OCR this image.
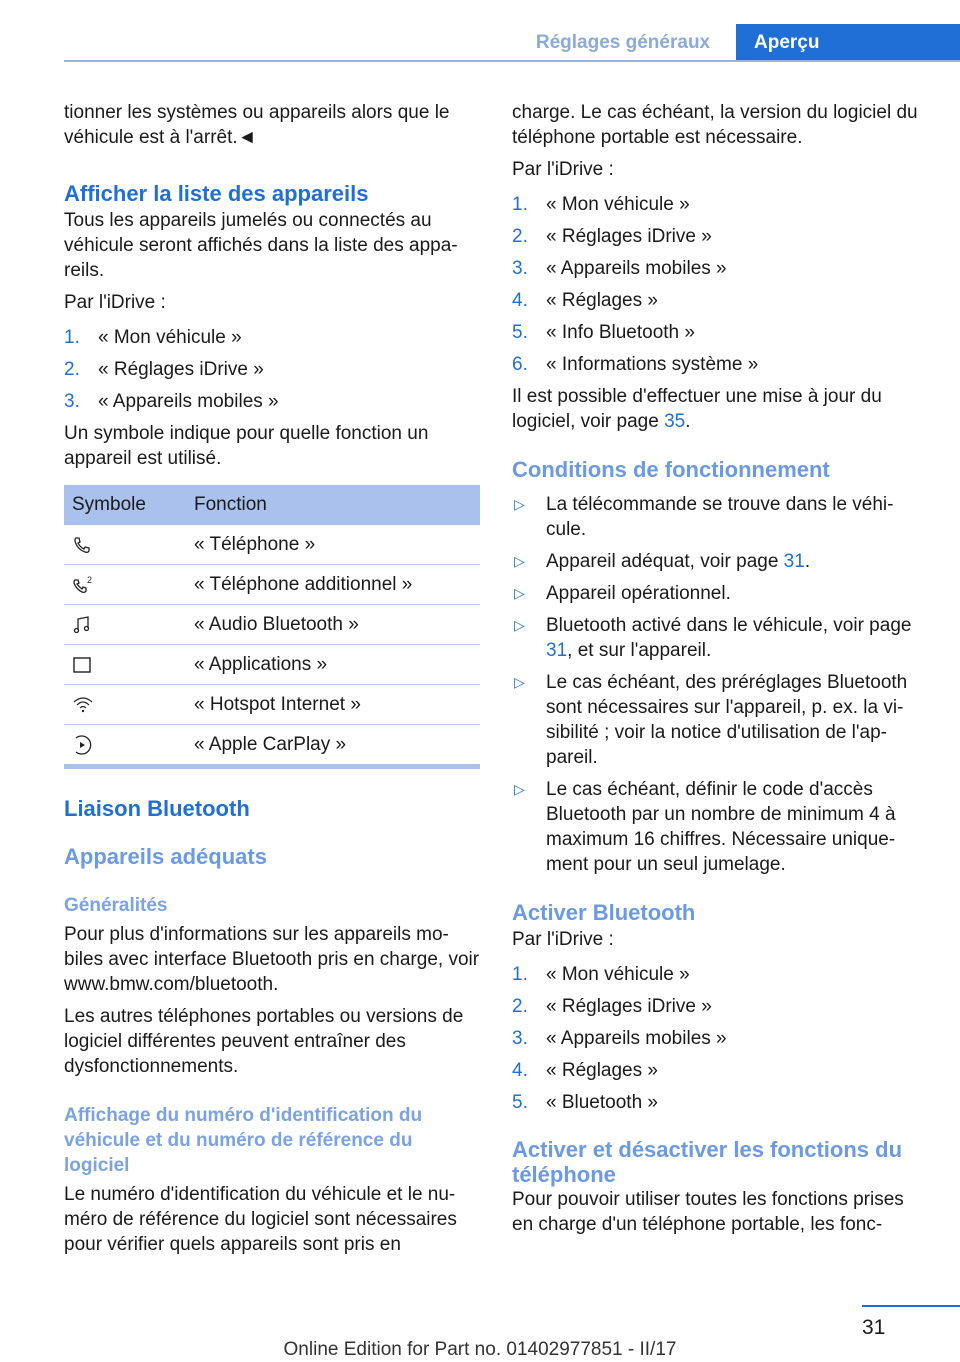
Réglages généraux	Aperçu

tionner les systèmes ou appareils alors que le véhicule est à l'arrêt.◄

Afficher la liste des appareils

Tous les appareils jumelés ou connectés au véhicule seront affichés dans la liste des appa‐ reils.

Par l'iDrive :

1. « Mon véhicule »
2. « Réglages iDrive »
3. « Appareils mobiles »

Un symbole indique pour quelle fonction un appareil est utilisé.

Symbole	Fonction

	« Téléphone »

2	« Téléphone additionnel »

	« Audio Bluetooth »

	« Applications »

	« Hotspot Internet »

	« Apple CarPlay »
Liaison Bluetooth
Appareils adéquats
Généralités

Pour plus d'informations sur les appareils mo‐ biles avec interface Bluetooth pris en charge, voir www.bmw.com/bluetooth.

Les autres téléphones portables ou versions de logiciel différentes peuvent entraîner des dysfonctionnements.

Affichage du numéro d'identification du véhicule et du numéro de référence du logiciel

Le numéro d'identification du véhicule et le nu‐ méro de référence du logiciel sont nécessaires pour vérifier quels appareils sont pris en

charge. Le cas échéant, la version du logiciel du téléphone portable est nécessaire.

Par l'iDrive :

1. « Mon véhicule »
2. « Réglages iDrive »
3. « Appareils mobiles »
4. « Réglages »
5. « Info Bluetooth »
6. « Informations système »

Il est possible d'effectuer une mise à jour du logiciel, voir page 35.

Conditions de fonctionnement
▷ La télécommande se trouve dans le véhi‐ cule.
▷ Appareil adéquat, voir page 31.
▷ Appareil opérationnel.
▷ Bluetooth activé dans le véhicule, voir page 31, et sur l'appareil.
▷ Le cas échéant, des préréglages Bluetooth sont nécessaires sur l'appareil, p. ex. la vi‐ sibilité ; voir la notice d'utilisation de l'ap‐ pareil.
▷ Le cas échéant, définir le code d'accès Bluetooth par un nombre de minimum 4 à maximum 16 chiffres. Nécessaire unique‐ ment pour un seul jumelage.
Activer Bluetooth

Par l'iDrive :

1. « Mon véhicule »
2. « Réglages iDrive »
3. « Appareils mobiles »
4. « Réglages »
5. « Bluetooth »
Activer et désactiver les fonctions du téléphone

Pour pouvoir utiliser toutes les fonctions prises en charge d'un téléphone portable, les fonc‐

31
Online Edition for Part no. 01402977851 - II/17
